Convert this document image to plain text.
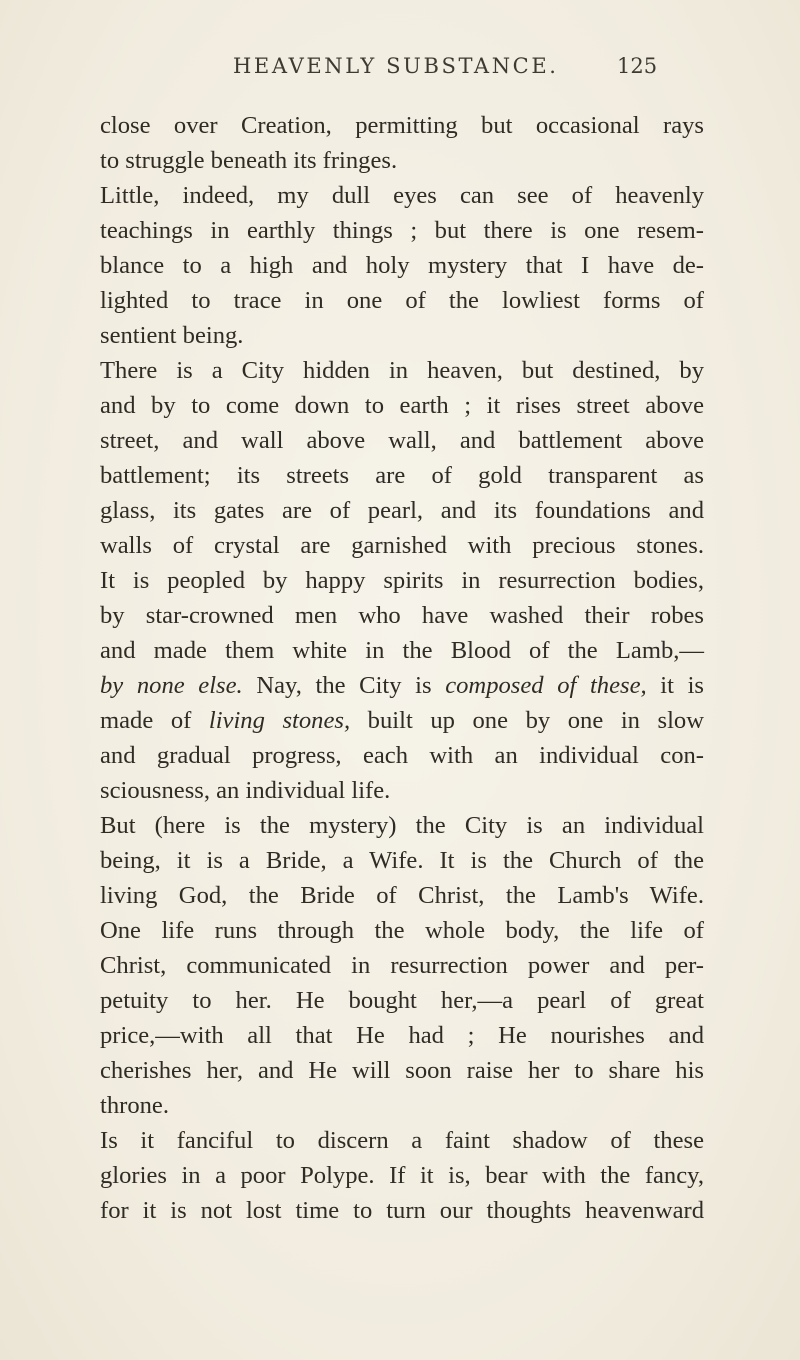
HEAVENLY SUBSTANCE.	125
close over Creation, permitting but occasional rays
to struggle beneath its fringes.
Little, indeed, my dull eyes can see of heavenly
teachings in earthly things ; but there is one resem-
blance to a high and holy mystery that I have de-
lighted to trace in one of the lowliest forms of
sentient being.
There is a City hidden in heaven, but destined, by
and by to come down to earth ; it rises street above
street, and wall above wall, and battlement above
battlement; its streets are of gold transparent as
glass, its gates are of pearl, and its foundations and
walls of crystal are garnished with precious stones.
It is peopled by happy spirits in resurrection bodies,
by star-crowned men who have washed their robes
and made them white in the Blood of the Lamb,—
by none else. Nay, the City is composed of these, it is
made of living stones, built up one by one in slow
and gradual progress, each with an individual con-
sciousness, an individual life.
But (here is the mystery) the City is an individual
being, it is a Bride, a Wife. It is the Church of the
living God, the Bride of Christ, the Lamb's Wife.
One life runs through the whole body, the life of
Christ, communicated in resurrection power and per-
petuity to her. He bought her,—a pearl of great
price,—with all that He had ; He nourishes and
cherishes her, and He will soon raise her to share his
throne.
Is it fanciful to discern a faint shadow of these
glories in a poor Polype. If it is, bear with the fancy,
for it is not lost time to turn our thoughts heavenward
